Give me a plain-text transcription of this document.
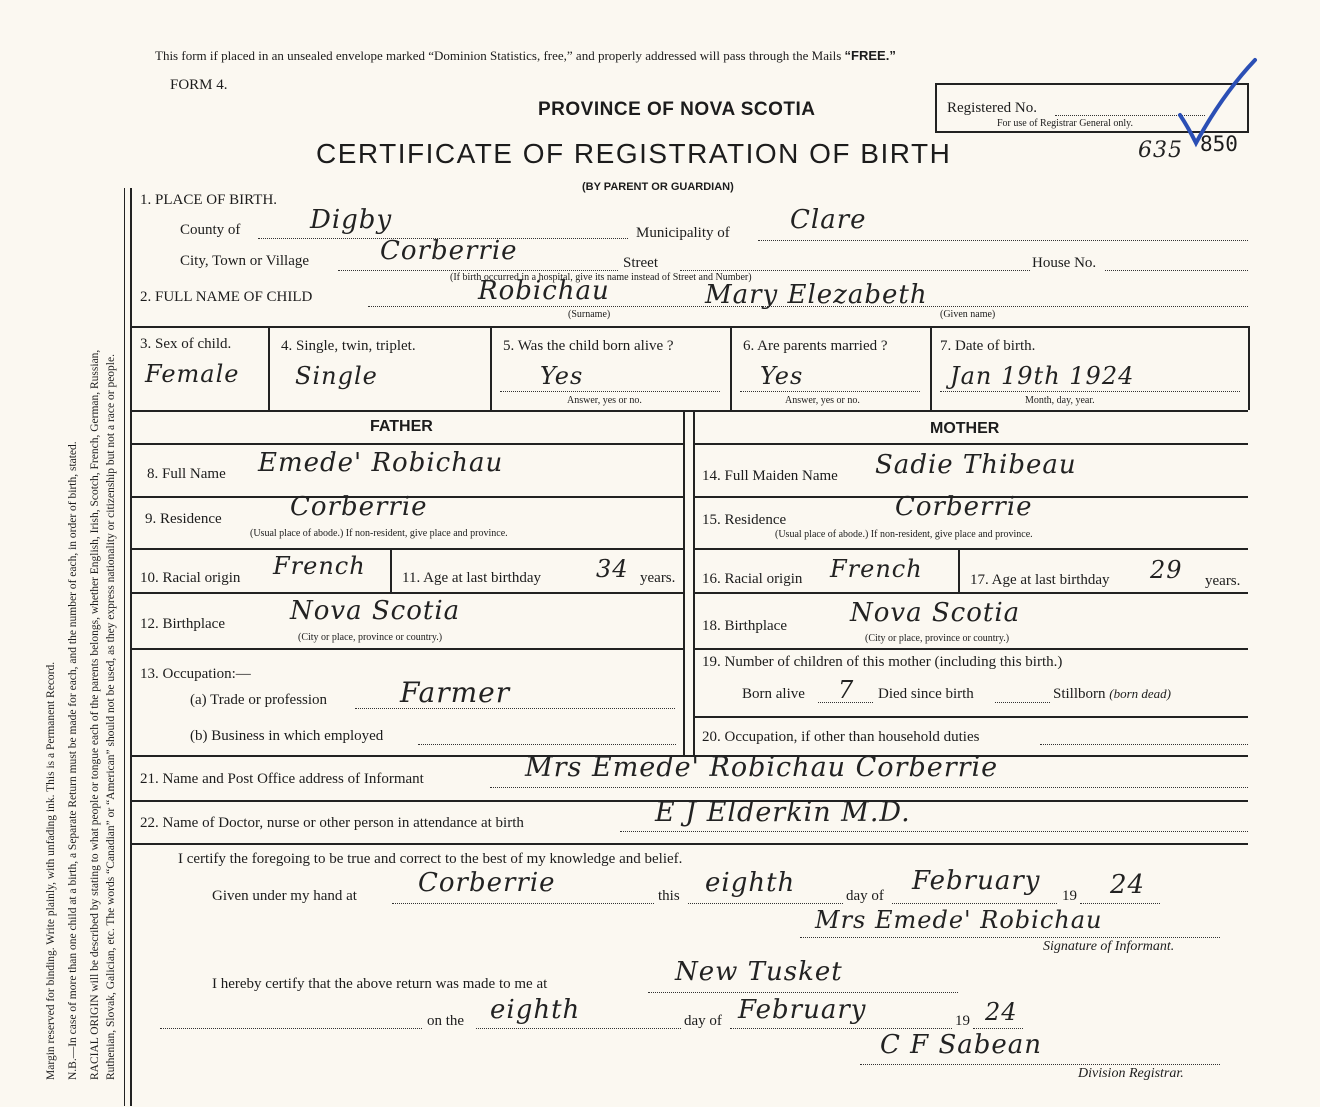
Margin reserved for binding. Write plainly, with unfading ink. This is a Permanent Record. N.B.—In case of more than one child at a birth, a Separate Return must be made for each, and the number of each, in order of birth, stated. RACIAL ORIGIN will be described by stating to what people or tongue each of the parents belongs, whether English, Irish, Scotch, French, German, Russian, Ruthenian, Slovak, Galician, etc. The words “Canadian” or “American” should not be used, as they express nationality or citizenship but not a race or people.
This form if placed in an unsealed envelope marked “Dominion Statistics, free,” and properly addressed will pass through the Mails “FREE.”
FORM 4.
PROVINCE OF NOVA SCOTIA
CERTIFICATE OF REGISTRATION OF BIRTH
(BY PARENT OR GUARDIAN)
Registered No.
For use of Registrar General only.
635 850
1. PLACE OF BIRTH.
County of	Digby	Municipality of Clare
City, Town or Village	Corberrie	Street	House No.
(If birth occurred in a hospital, give its name instead of Street and Number)
2. FULL NAME OF CHILD	Robichau	Mary Elezabeth
(Surname)	(Given name)
3. Sex of child.
Female
4. Single, twin, triplet.
Single
5. Was the child born alive ?
Yes
Answer, yes or no.
6. Are parents married ?
Yes
Answer, yes or no.
7. Date of birth.
Jan 19th 1924
Month, day, year.
FATHER	MOTHER
8. Full Name Emede' Robichau
9. Residence	Corberrie
(Usual place of abode.) If non-resident, give place and province.
10. Racial origin French 11. Age at last birthday 34 years.
12. Birthplace	Nova Scotia
(City or place, province or country.)
13. Occupation:—
(a) Trade or profession	Farmer
(b) Business in which employed
14. Full Maiden Name Sadie Thibeau
15. Residence	Corberrie
(Usual place of abode.) If non-resident, give place and province.
16. Racial origin French	17. Age at last birthday 29 years.
18. Birthplace Nova Scotia
(City or place, province or country.)
19. Number of children of this mother (including this birth.)
Born alive 7 Died since birth	Stillborn (born dead)
20. Occupation, if other than household duties
21. Name and Post Office address of Informant	Mrs Emede' Robichau Corberrie
22. Name of Doctor, nurse or other person in attendance at birth	E J Elderkin M.D.
I certify the foregoing to be true and correct to the best of my knowledge and belief.
Given under my hand at Corberrie	this eighth	day of February 19 24
Mrs Emede' Robichau
Signature of Informant.
I hereby certify that the above return was made to me at	New Tusket
on the eighth	day of February	19 24
C F Sabean
Division Registrar.
